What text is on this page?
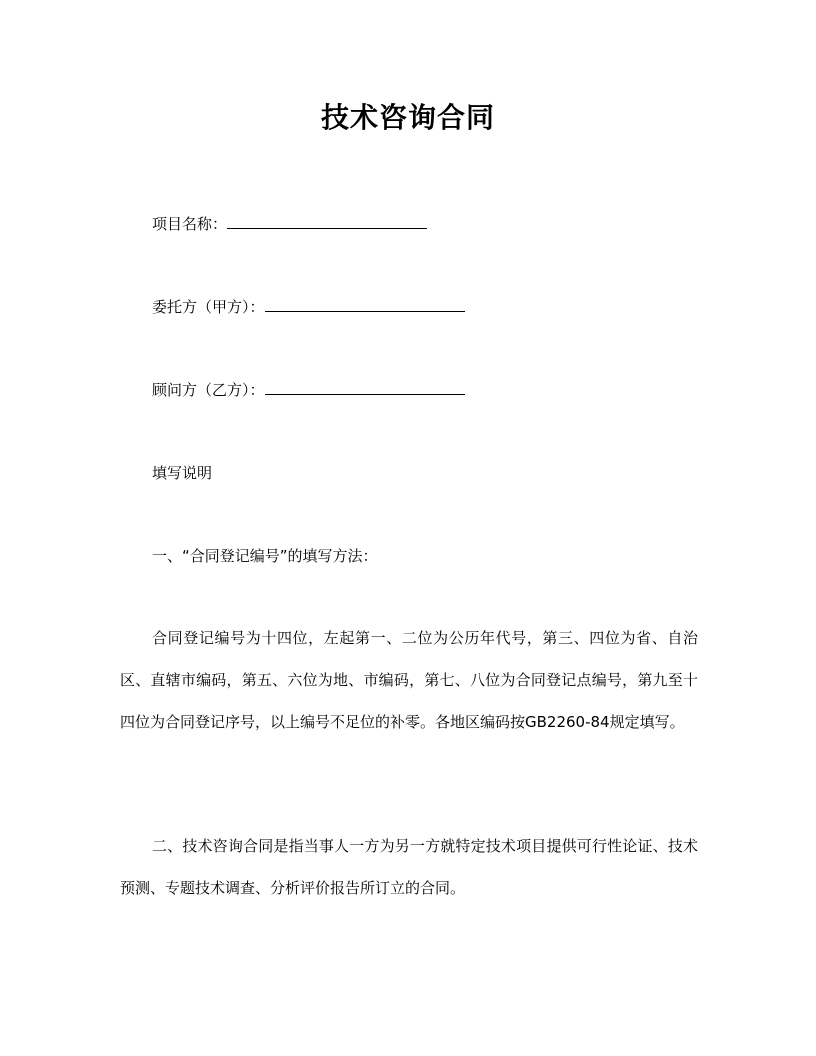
技术咨询合同
项目名称：
委托方（甲方）：
顾问方（乙方）：
填写说明
一、“合同登记编号”的填写方法：
合同登记编号为十四位，左起第一、二位为公历年代号，第三、四位为省、自治区、直辖市编码，第五、六位为地、市编码，第七、八位为合同登记点编号，第九至十四位为合同登记序号，以上编号不足位的补零。各地区编码按GB2260-84规定填写。
二、技术咨询合同是指当事人一方为另一方就特定技术项目提供可行性论证、技术预测、专题技术调查、分析评价报告所订立的合同。
